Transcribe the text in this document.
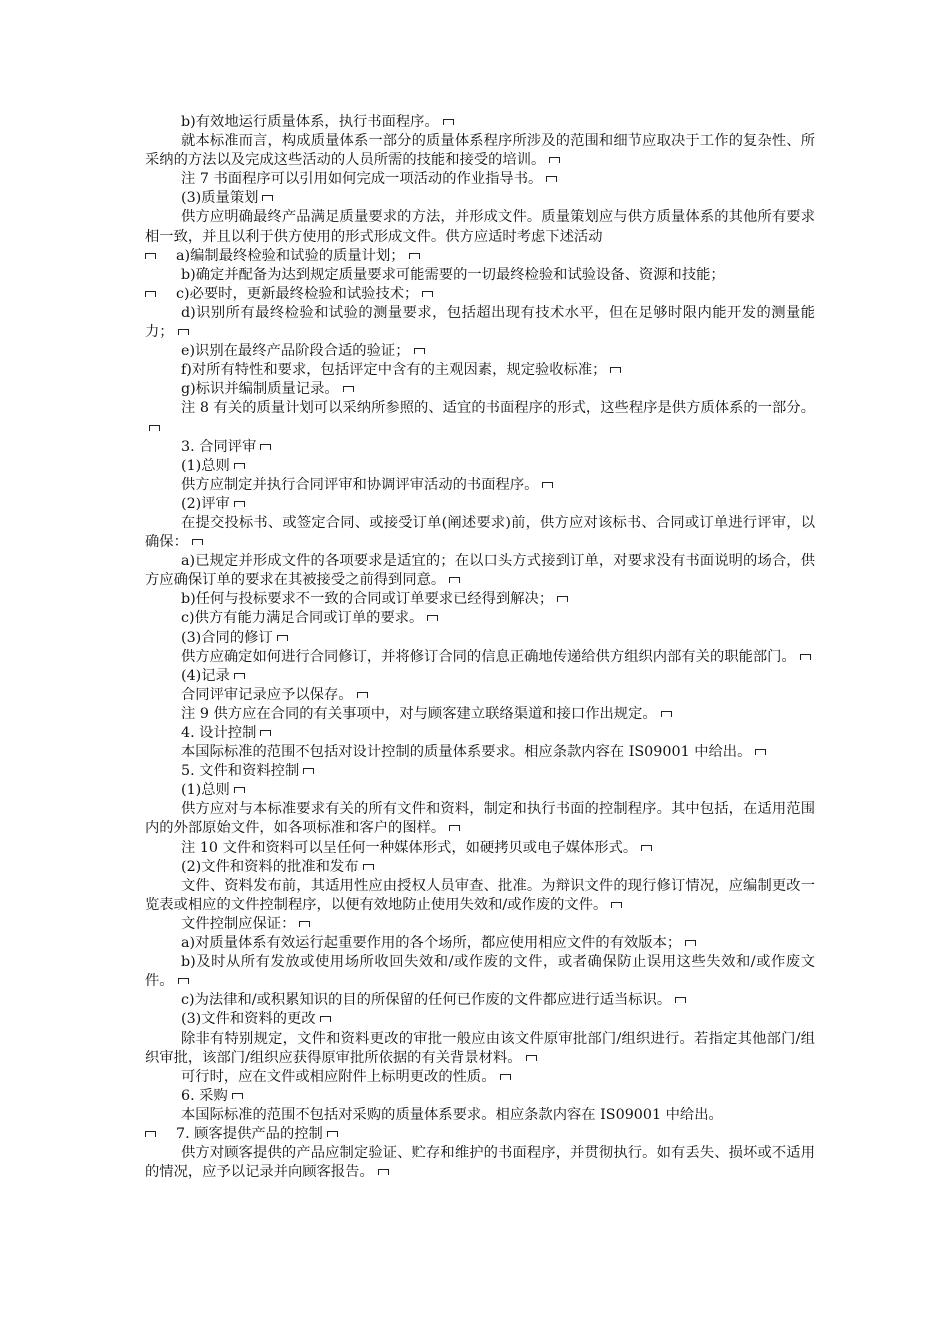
b)有效地运行质量体系，执行书面程序。

就本标准而言，构成质量体系一部分的质量体系程序所涉及的范围和细节应取决于工作的复杂性、所采纳的方法以及完成这些活动的人员所需的技能和接受的培训。

注 7 书面程序可以引用如何完成一项活动的作业指导书。

(3)质量策划

供方应明确最终产品满足质量要求的方法，并形成文件。质量策划应与供方质量体系的其他所有要求相一致，并且以利于供方使用的形式形成文件。供方应适时考虑下述活动

a)编制最终检验和试验的质量计划；

b)确定并配备为达到规定质量要求可能需要的一切最终检验和试验设备、资源和技能；

c)必要时，更新最终检验和试验技术；

d)识别所有最终检验和试验的测量要求，包括超出现有技术水平，但在足够时限内能开发的测量能力；

e)识别在最终产品阶段合适的验证；

f)对所有特性和要求，包括评定中含有的主观因素，规定验收标准；

g)标识并编制质量记录。

注 8 有关的质量计划可以采纳所参照的、适宜的书面程序的形式，这些程序是供方质体系的一部分。

3. 合同评审

(1)总则

供方应制定并执行合同评审和协调评审活动的书面程序。

(2)评审

在提交投标书、或签定合同、或接受订单(阐述要求)前，供方应对该标书、合同或订单进行评审，以确保：

a)已规定并形成文件的各项要求是适宜的；在以口头方式接到订单，对要求没有书面说明的场合，供方应确保订单的要求在其被接受之前得到同意。

b)任何与投标要求不一致的合同或订单要求已经得到解决；

c)供方有能力满足合同或订单的要求。

(3)合同的修订

供方应确定如何进行合同修订，并将修订合同的信息正确地传递给供方组织内部有关的职能部门。

(4)记录

合同评审记录应予以保存。

注 9 供方应在合同的有关事项中，对与顾客建立联络渠道和接口作出规定。

4. 设计控制

本国际标准的范围不包括对设计控制的质量体系要求。相应条款内容在 IS09001 中给出。

5. 文件和资料控制

(1)总则

供方应对与本标准要求有关的所有文件和资料，制定和执行书面的控制程序。其中包括，在适用范围内的外部原始文件，如各项标准和客户的图样。

注 10 文件和资料可以呈任何一种媒体形式，如硬拷贝或电子媒体形式。

(2)文件和资料的批准和发布

文件、资料发布前，其适用性应由授权人员审查、批准。为辩识文件的现行修订情况，应编制更改一览表或相应的文件控制程序，以便有效地防止使用失效和/或作废的文件。

文件控制应保证：

a)对质量体系有效运行起重要作用的各个场所，都应使用相应文件的有效版本；

b)及时从所有发放或使用场所收回失效和/或作废的文件，或者确保防止误用这些失效和/或作废文件。

c)为法律和/或积累知识的目的所保留的任何已作废的文件都应进行适当标识。

(3)文件和资料的更改

除非有特别规定，文件和资料更改的审批一般应由该文件原审批部门/组织进行。若指定其他部门/组织审批，该部门/组织应获得原审批所依据的有关背景材料。

可行时，应在文件或相应附件上标明更改的性质。

6. 采购

本国际标准的范围不包括对采购的质量体系要求。相应条款内容在 IS09001 中给出。

7. 顾客提供产品的控制

供方对顾客提供的产品应制定验证、贮存和维护的书面程序，并贯彻执行。如有丢失、损坏或不适用的情况，应予以记录并向顾客报告。
